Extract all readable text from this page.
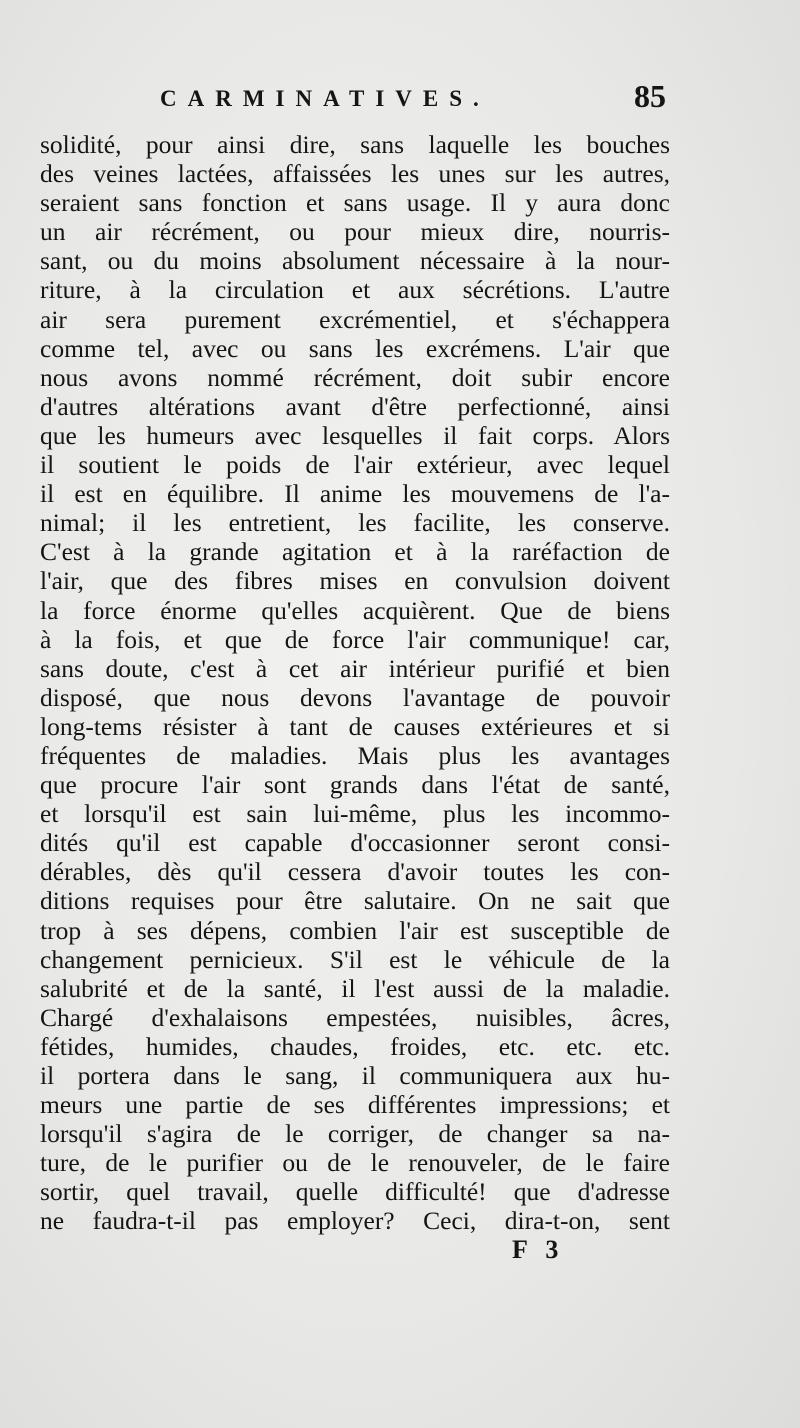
CARMINATIVES.	85
solidité, pour ainsi dire, sans laquelle les bouches
des veines lactées, affaissées les unes sur les autres,
seraient sans fonction et sans usage. Il y aura donc
un air récrément, ou pour mieux dire, nourris-
sant, ou du moins absolument nécessaire à la nour-
riture, à la circulation et aux sécrétions. L'autre
air sera purement excrémentiel, et s'échappera
comme tel, avec ou sans les excrémens. L'air que
nous avons nommé récrément, doit subir encore
d'autres altérations avant d'être perfectionné, ainsi
que les humeurs avec lesquelles il fait corps. Alors
il soutient le poids de l'air extérieur, avec lequel
il est en équilibre. Il anime les mouvemens de l'a-
nimal; il les entretient, les facilite, les conserve.
C'est à la grande agitation et à la raréfaction de
l'air, que des fibres mises en convulsion doivent
la force énorme qu'elles acquièrent. Que de biens
à la fois, et que de force l'air communique! car,
sans doute, c'est à cet air intérieur purifié et bien
disposé, que nous devons l'avantage de pouvoir
long-tems résister à tant de causes extérieures et si
fréquentes de maladies. Mais plus les avantages
que procure l'air sont grands dans l'état de santé,
et lorsqu'il est sain lui-même, plus les incommo-
dités qu'il est capable d'occasionner seront consi-
dérables, dès qu'il cessera d'avoir toutes les con-
ditions requises pour être salutaire. On ne sait que
trop à ses dépens, combien l'air est susceptible de
changement pernicieux. S'il est le véhicule de la
salubrité et de la santé, il l'est aussi de la maladie.
Chargé d'exhalaisons empestées, nuisibles, âcres,
fétides, humides, chaudes, froides, etc. etc. etc.
il portera dans le sang, il communiquera aux hu-
meurs une partie de ses différentes impressions; et
lorsqu'il s'agira de le corriger, de changer sa na-
ture, de le purifier ou de le renouveler, de le faire
sortir, quel travail, quelle difficulté! que d'adresse
ne faudra-t-il pas employer? Ceci, dira-t-on, sent
F 3
